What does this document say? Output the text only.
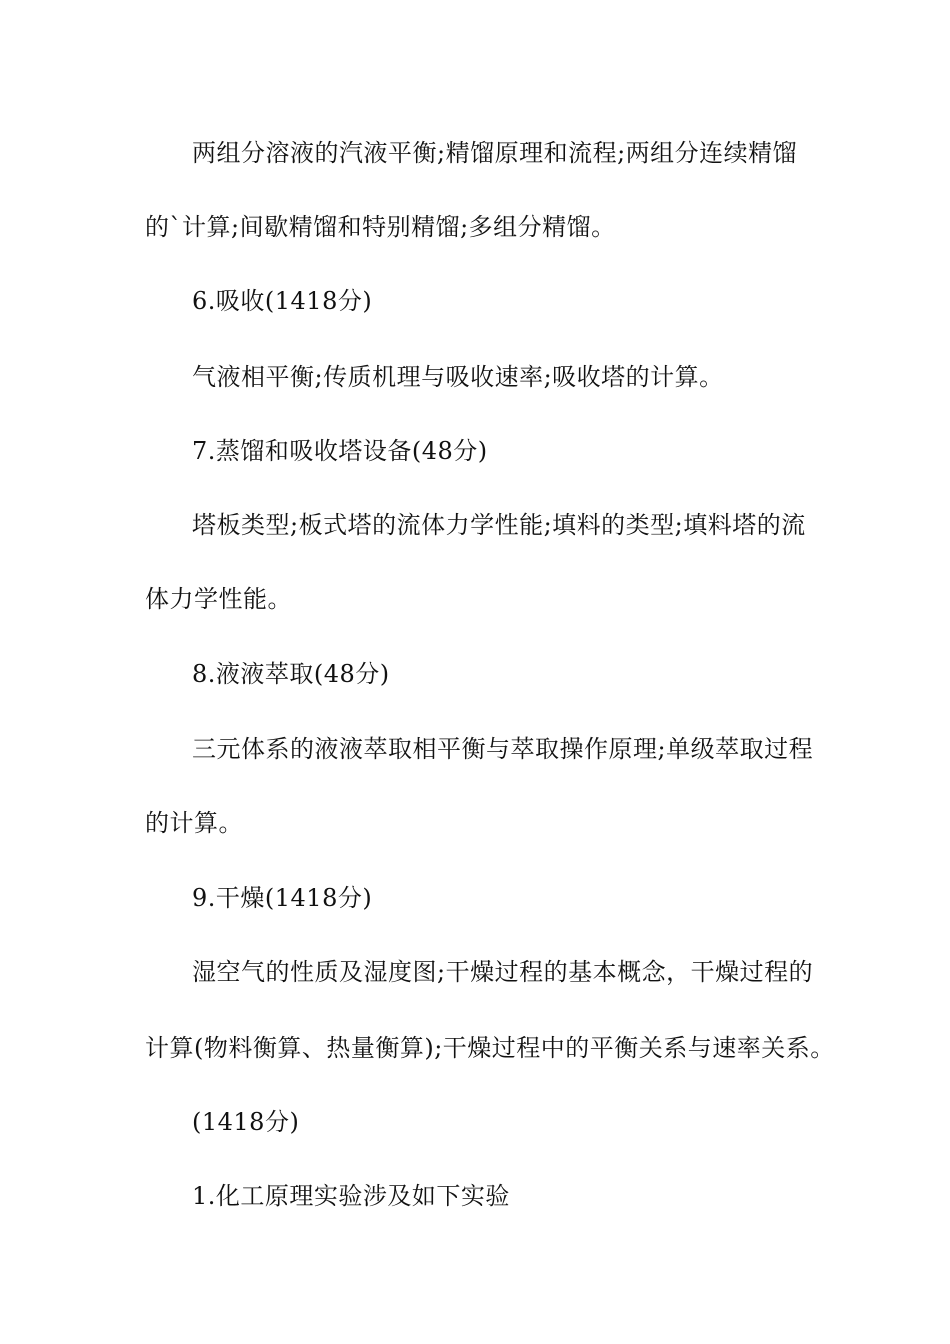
两组分溶液的汽液平衡;精馏原理和流程;两组分连续精馏
的`计算;间歇精馏和特别精馏;多组分精馏。
6.吸收(1418分)
气液相平衡;传质机理与吸收速率;吸收塔的计算。
7.蒸馏和吸收塔设备(48分)
塔板类型;板式塔的流体力学性能;填料的类型;填料塔的流
体力学性能。
8.液液萃取(48分)
三元体系的液液萃取相平衡与萃取操作原理;单级萃取过程
的计算。
9.干燥(1418分)
湿空气的性质及湿度图;干燥过程的基本概念，干燥过程的
计算(物料衡算、热量衡算);干燥过程中的平衡关系与速率关系。
(1418分)
1.化工原理实验涉及如下实验
